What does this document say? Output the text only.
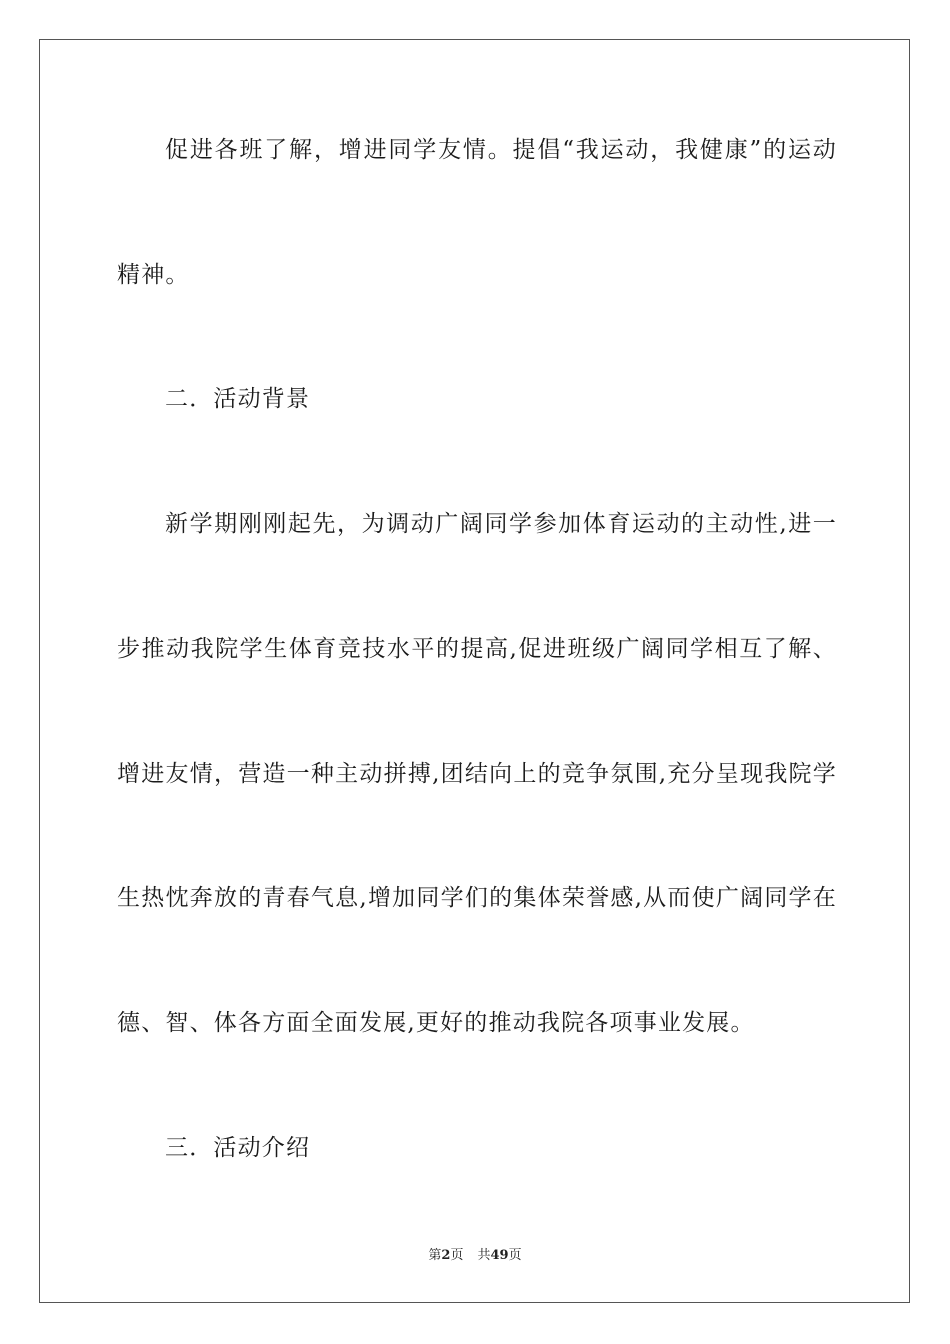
促进各班了解，增进同学友情。提倡“我运动，我健康”的运动
精神。
二．活动背景
新学期刚刚起先，为调动广阔同学参加体育运动的主动性,进一
步推动我院学生体育竞技水平的提高,促进班级广阔同学相互了解、
增进友情，营造一种主动拼搏,团结向上的竞争氛围,充分呈现我院学
生热忱奔放的青春气息,增加同学们的集体荣誉感,从而使广阔同学在
德、智、体各方面全面发展,更好的推动我院各项事业发展。
三．活动介绍
第2页 共49页
